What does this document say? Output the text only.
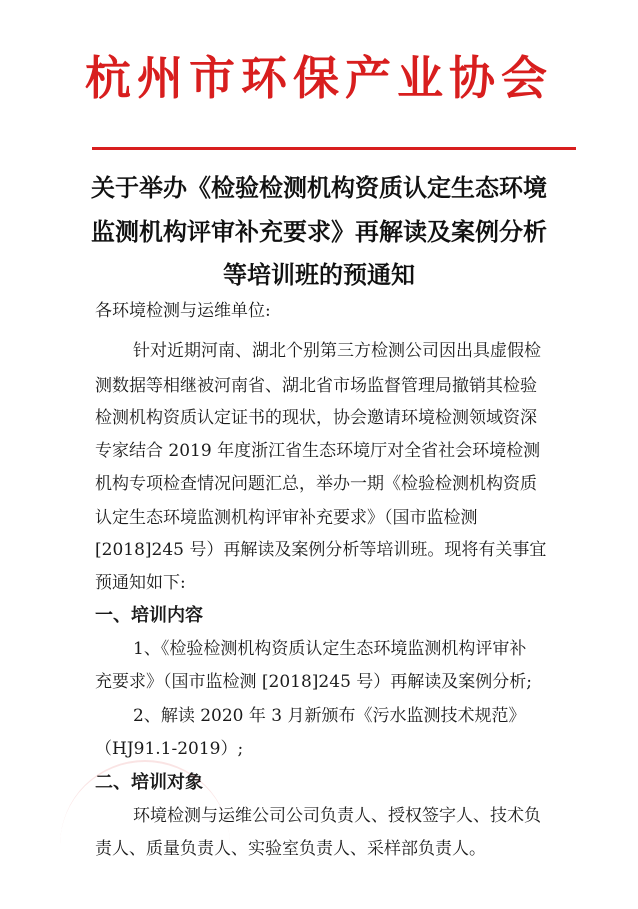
杭州市环保产业协会
关于举办《检验检测机构资质认定生态环境
监测机构评审补充要求》再解读及案例分析
等培训班的预通知
各环境检测与运维单位:
针对近期河南、湖北个别第三方检测公司因出具虚假检
测数据等相继被河南省、湖北省市场监督管理局撤销其检验
检测机构资质认定证书的现状，协会邀请环境检测领域资深
专家结合 2019 年度浙江省生态环境厅对全省社会环境检测
机构专项检查情况问题汇总，举办一期《检验检测机构资质
认定生态环境监测机构评审补充要求》（国市监检测
[2018]245 号）再解读及案例分析等培训班。现将有关事宜
预通知如下:
一、培训内容
1、《检验检测机构资质认定生态环境监测机构评审补
充要求》（国市监检测 [2018]245 号）再解读及案例分析;
2、解读 2020 年 3 月新颁布《污水监测技术规范》
（HJ91.1-2019）;
二、培训对象
环境检测与运维公司公司负责人、授权签字人、技术负
责人、质量负责人、实验室负责人、采样部负责人。
